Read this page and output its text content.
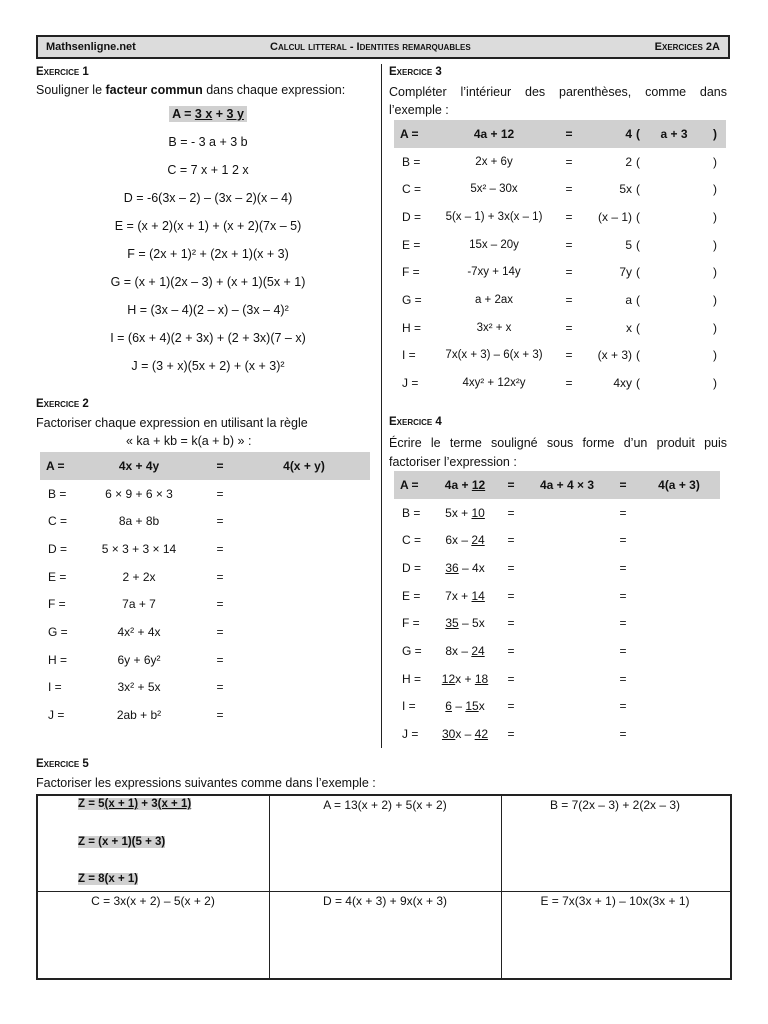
Mathsenligne.net	Calcul litteral - Identites remarquables	Exercices 2A
Exercice 1
Souligner le facteur commun dans chaque expression:
A = 3 x + 3 y
B = - 3 a + 3 b
C = 7 x + 1 2 x
D = -6(3x – 2) – (3x – 2)(x – 4)
E = (x + 2)(x + 1) + (x + 2)(7x – 5)
F = (2x + 1)² + (2x + 1)(x + 3)
G = (x + 1)(2x – 3) + (x + 1)(5x + 1)
H = (3x – 4)(2 – x) – (3x – 4)²
I = (6x + 4)(2 + 3x) + (2 + 3x)(7 – x)
J = (3 + x)(5x + 2) + (x + 3)²
Exercice 2
Factoriser chaque expression en utilisant la règle
« ka + kb = k(a + b) » :
A =	4x + 4y	=	4(x + y)
B =	6 × 9 + 6 × 3	=	
C =	8a + 8b	=	
D =	5 × 3 + 3 × 14	=	
E =	2 + 2x	=	
F =	7a + 7	=	
G =	4x² + 4x	=	
H =	6y + 6y²	=	
I =	3x² + 5x	=	
J =	2ab + b²	=	
Exercice 3
Compléter l’intérieur des parenthèses, comme dans l’exemple :
A =	4a + 12	=	4	(	a + 3	)
B =	2x + 6y	=	2	(		)
C =	5x² – 30x	=	5x	(		)
D =	5(x – 1) + 3x(x – 1)	=	(x – 1)	(		)
E =	15x – 20y	=	5	(		)
F =	-7xy + 14y	=	7y	(		)
G =	a + 2ax	=	a	(		)
H =	3x² + x	=	x	(		)
I =	7x(x + 3) – 6(x + 3)	=	(x + 3)	(		)
J =	4xy² + 12x²y	=	4xy	(		)
Exercice 4
Écrire le terme souligné sous forme d’un produit puis factoriser l’expression :
A =	4a + 12	=	4a + 4 × 3	=	4(a + 3)
B =	5x + 10	=		=	
C =	6x – 24	=		=	
D =	36 – 4x	=		=	
E =	7x + 14	=		=	
F =	35 – 5x	=		=	
G =	8x – 24	=		=	
H =	12x + 18	=		=	
I =	6 – 15x	=		=	
J =	30x – 42	=		=	
Exercice 5
Factoriser les expressions suivantes comme dans l’exemple :
Z = 5(x + 1) + 3(x + 1)
Z = (x + 1)(5 + 3)
Z = 8(x + 1)
A = 13(x + 2) + 5(x + 2)	B = 7(2x – 3) + 2(2x – 3)
C = 3x(x + 2) – 5(x + 2)	D = 4(x + 3) + 9x(x + 3)	E = 7x(3x + 1) – 10x(3x + 1)
